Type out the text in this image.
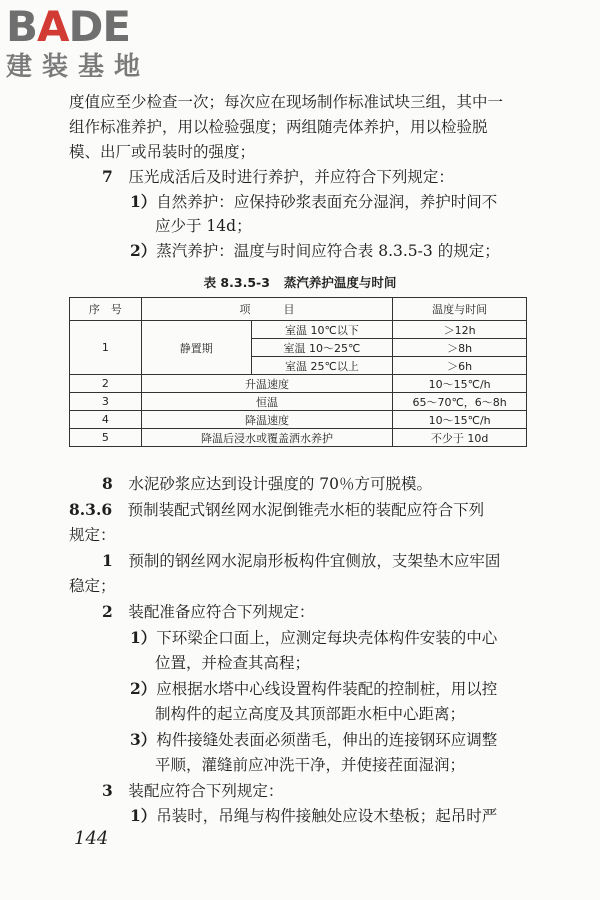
BADE
建装基地
度值应至少检查一次；每次应在现场制作标准试块三组，其中一
组作标准养护，用以检验强度；两组随壳体养护，用以检验脱
模、出厂或吊装时的强度；
7　 压光成活后及时进行养护，并应符合下列规定：
1）自然养护：应保持砂浆表面充分湿润，养护时间不
应少于 14d；
2）蒸汽养护：温度与时间应符合表 8.3.5-3 的规定；
表 8.3.5-3 蒸汽养护温度与时间
序　号	项　　　目		温度与时间
1	静置期	室温 10℃以下	＞12h
		室温 10～25℃	＞8h
		室温 25℃以上	＞6h
2	升温速度		10～15℃/h
3	恒温		65～70℃，6～8h
4	降温速度		10～15℃/h
5	降温后浸水或覆盖洒水养护		不少于 10d
8　 水泥砂浆应达到设计强度的 70％方可脱模。
8.3.6　 预制装配式钢丝网水泥倒锥壳水柜的装配应符合下列
规定：
1　 预制的钢丝网水泥扇形板构件宜侧放，支架垫木应牢固
稳定；
2　 装配准备应符合下列规定：
1）下环梁企口面上，应测定每块壳体构件安装的中心
位置，并检查其高程；
2）应根据水塔中心线设置构件装配的控制桩，用以控
制构件的起立高度及其顶部距水柜中心距离；
3）构件接缝处表面必须凿毛，伸出的连接钢环应调整
平顺，灌缝前应冲洗干净，并使接茬面湿润；
3　 装配应符合下列规定：
1）吊装时，吊绳与构件接触处应设木垫板；起吊时严
144
